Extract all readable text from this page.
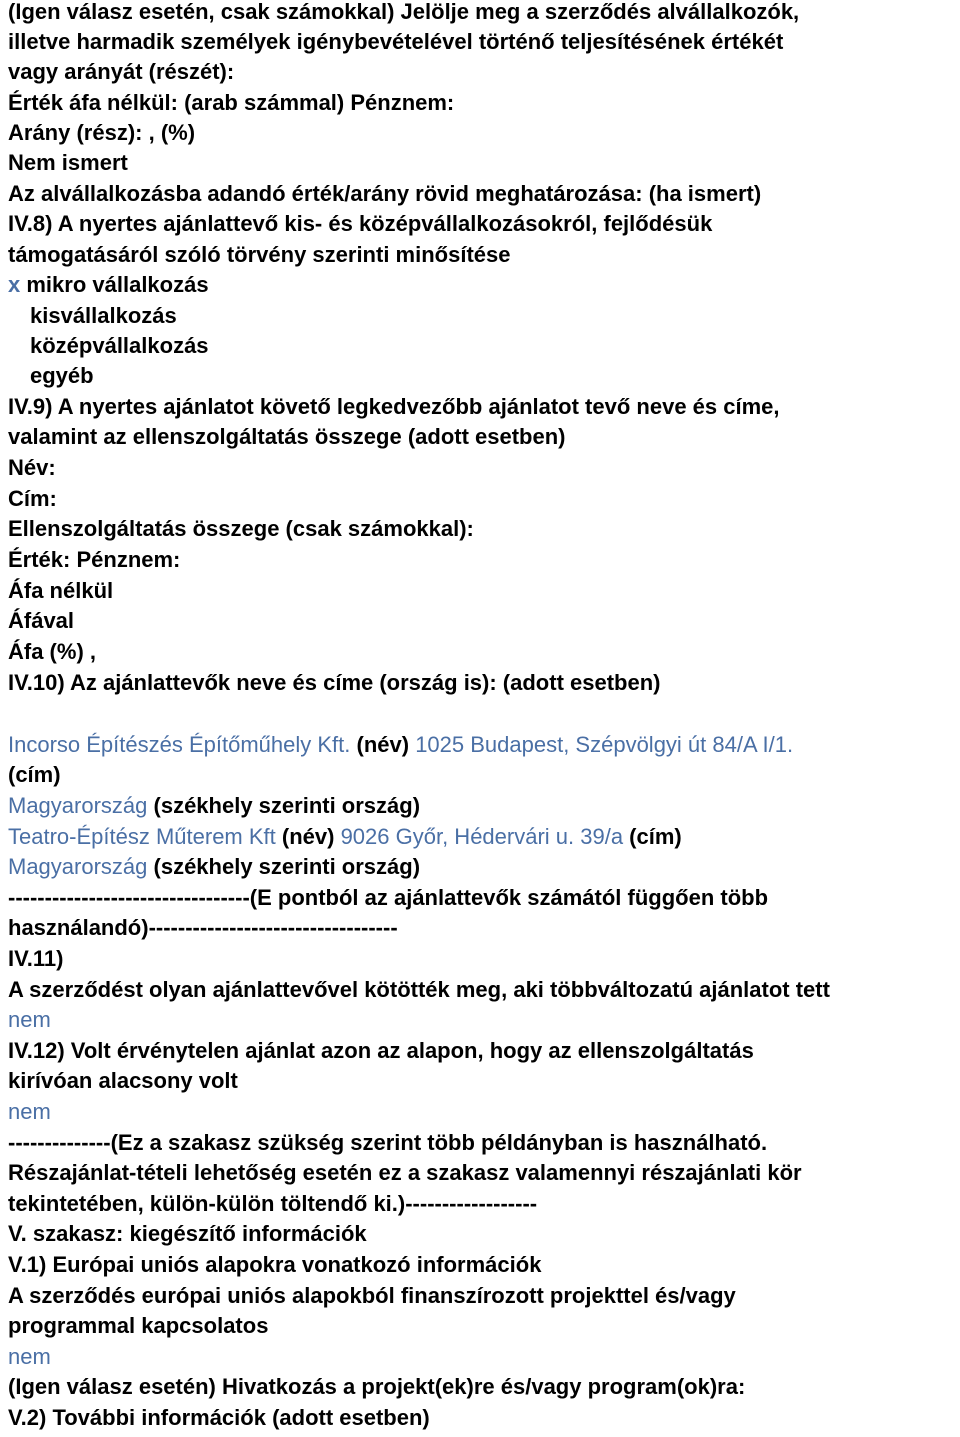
(Igen válasz esetén, csak számokkal) Jelölje meg a szerződés alvállalkozók,
illetve harmadik személyek igénybevételével történő teljesítésének értékét
vagy arányát (részét):
Érték áfa nélkül: (arab számmal) Pénznem:
Arány (rész): , (%)
Nem ismert
Az alvállalkozásba adandó érték/arány rövid meghatározása: (ha ismert)
IV.8) A nyertes ajánlattevő kis- és középvállalkozásokról, fejlődésük
támogatásáról szóló törvény szerinti minősítése
x mikro vállalkozás
kisvállalkozás
középvállalkozás
egyéb
IV.9) A nyertes ajánlatot követő legkedvezőbb ajánlatot tevő neve és címe,
valamint az ellenszolgáltatás összege (adott esetben)
Név:
Cím:
Ellenszolgáltatás összege (csak számokkal):
Érték: Pénznem:
Áfa nélkül
Áfával
Áfa (%) ,
IV.10) Az ajánlattevők neve és címe (ország is): (adott esetben)
Incorso Építészés Építőműhely Kft. (név) 1025 Budapest, Szépvölgyi út 84/A I/1.
(cím)
Magyarország (székhely szerinti ország)
Teatro-Építész Műterem Kft (név) 9026 Győr, Hédervári u. 39/a (cím)
Magyarország (székhely szerinti ország)
---------------------------------(E pontból az ajánlattevők számától függően több
használandó)----------------------------------
IV.11)
A szerződést olyan ajánlattevővel kötötték meg, aki többváltozatú ajánlatot tett
nem
IV.12) Volt érvénytelen ajánlat azon az alapon, hogy az ellenszolgáltatás
kirívóan alacsony volt
nem
--------------(Ez a szakasz szükség szerint több példányban is használható.
Részajánlat-tételi lehetőség esetén ez a szakasz valamennyi részajánlati kör
tekintetében, külön-külön töltendő ki.)------------------
V. szakasz: kiegészítő információk
V.1) Európai uniós alapokra vonatkozó információk
A szerződés európai uniós alapokból finanszírozott projekttel és/vagy
programmal kapcsolatos
nem
(Igen válasz esetén) Hivatkozás a projekt(ek)re és/vagy program(ok)ra:
V.2) További információk (adott esetben)
